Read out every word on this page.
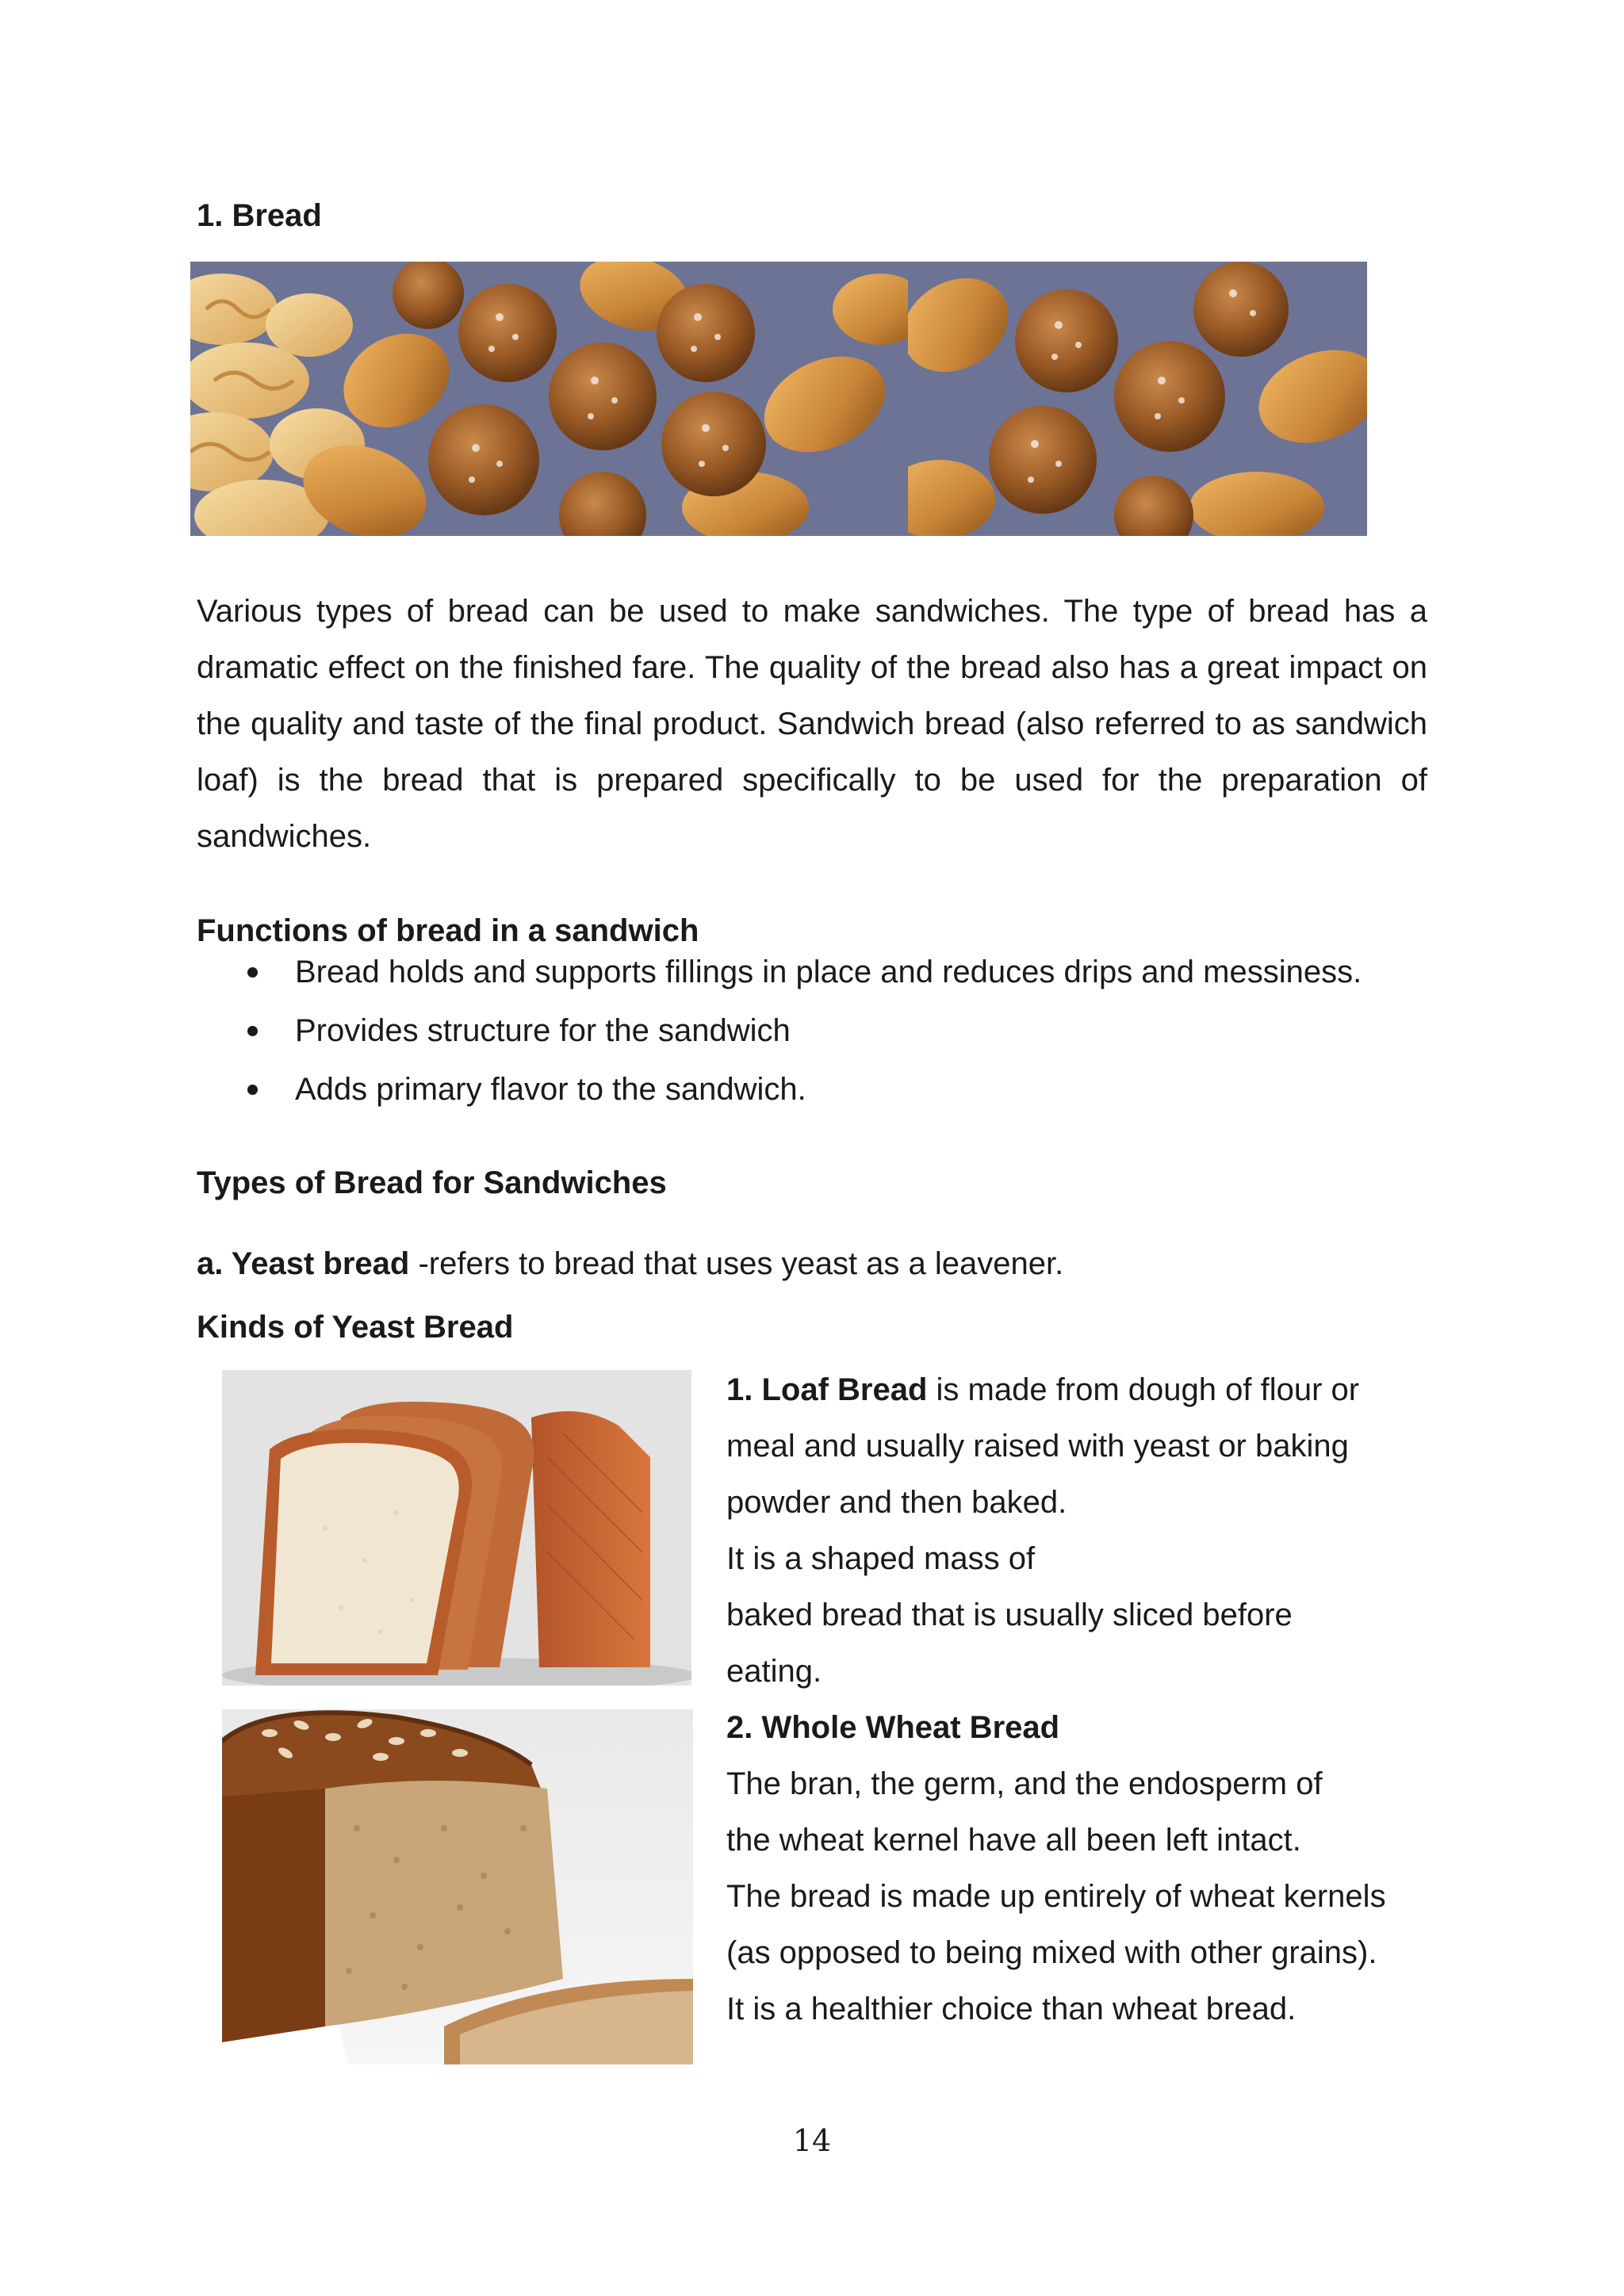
1. Bread

Various types of bread can be used to make sandwiches. The type of bread has a dramatic effect on the finished fare. The quality of the bread also has a great impact on the quality and taste of the final product. Sandwich bread (also referred to as sandwich loaf) is the bread that is prepared specifically to be used for the preparation of sandwiches.

Functions of bread in a sandwich
Bread holds and supports fillings in place and reduces drips and messiness.
Provides structure for the sandwich
Adds primary flavor to the sandwich.
Types of Bread for Sandwiches

a. Yeast bread -refers to bread that uses yeast as a leavener.

Kinds of Yeast Bread
1. Loaf Bread is made from dough of flour or
meal and usually raised with yeast or baking
powder and then baked.
It is a shaped mass of
baked bread that is usually sliced before
eating.
2. Whole Wheat Bread
The bran, the germ, and the endosperm of
the wheat kernel have all been left intact.
The bread is made up entirely of wheat kernels
(as opposed to being mixed with other grains).
It is a healthier choice than wheat bread.
14
